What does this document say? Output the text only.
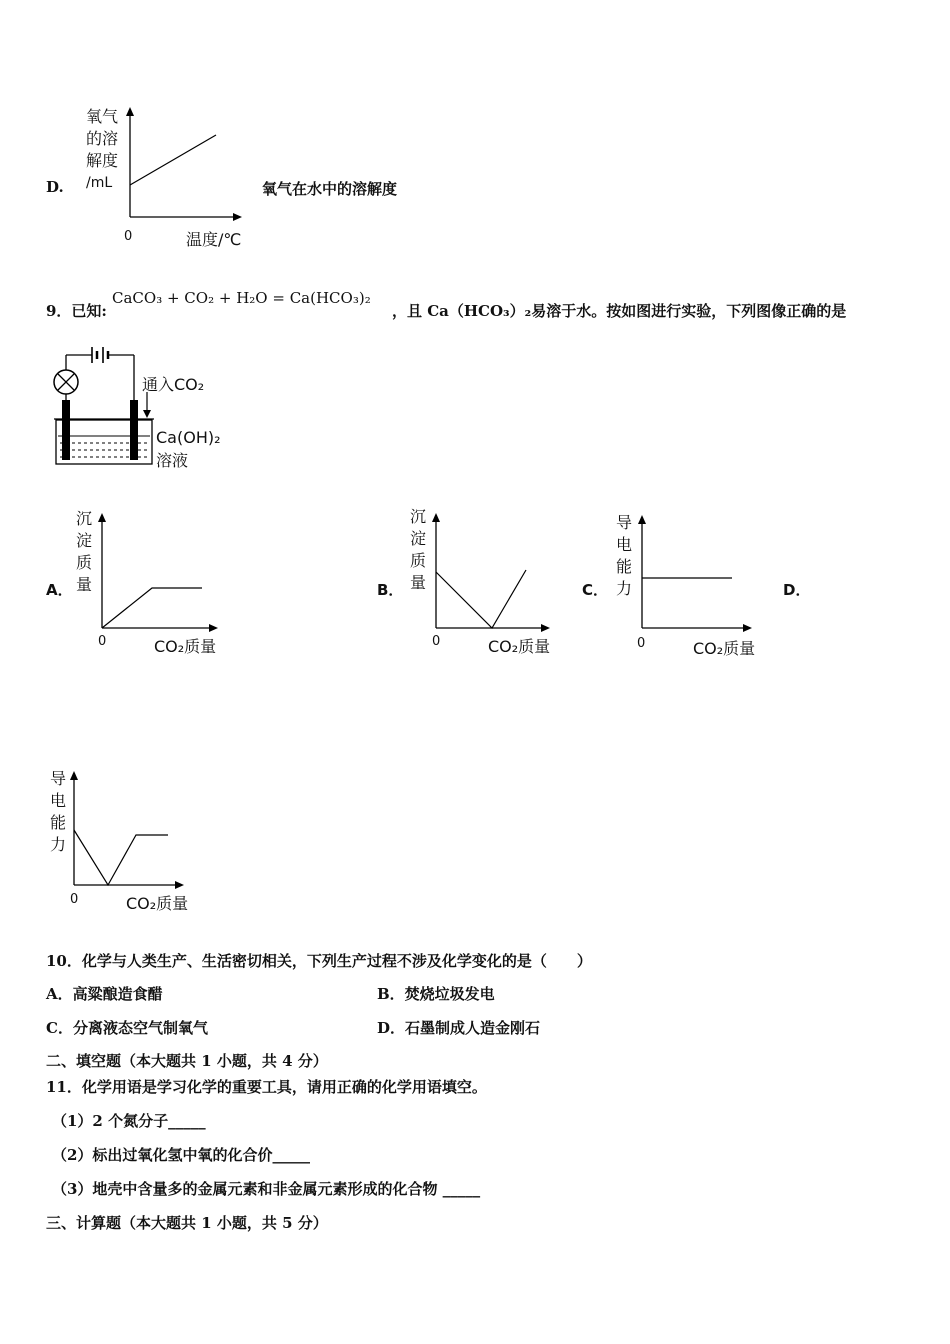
D.
氧气
的溶
解度
/mL
0	温度/℃
氧气在水中的溶解度
9．已知:
CaCO₃ + CO₂ + H₂O = Ca(HCO₃)₂
，且 Ca（HCO₃）₂易溶于水。按如图进行实验，下列图像正确的是
通入CO₂
Ca(OH)₂
溶液
A．
沉
淀
质
量
0	CO₂质量
B．
沉
淀
质
量
0	CO₂质量
C．
导
电
能
力
0	CO₂质量
D．
导
电
能
力
0	CO₂质量
10．化学与人类生产、生活密切相关，下列生产过程不涉及化学变化的是（　　）
A．高粱酿造食醋	B．焚烧垃圾发电
C．分离液态空气制氧气	D．石墨制成人造金刚石
二、填空题（本大题共 1 小题，共 4 分）
11．化学用语是学习化学的重要工具，请用正确的化学用语填空。
（1）2 个氮分子_____
（2）标出过氧化氢中氧的化合价_____
（3）地壳中含量多的金属元素和非金属元素形成的化合物 _____
三、计算题（本大题共 1 小题，共 5 分）
